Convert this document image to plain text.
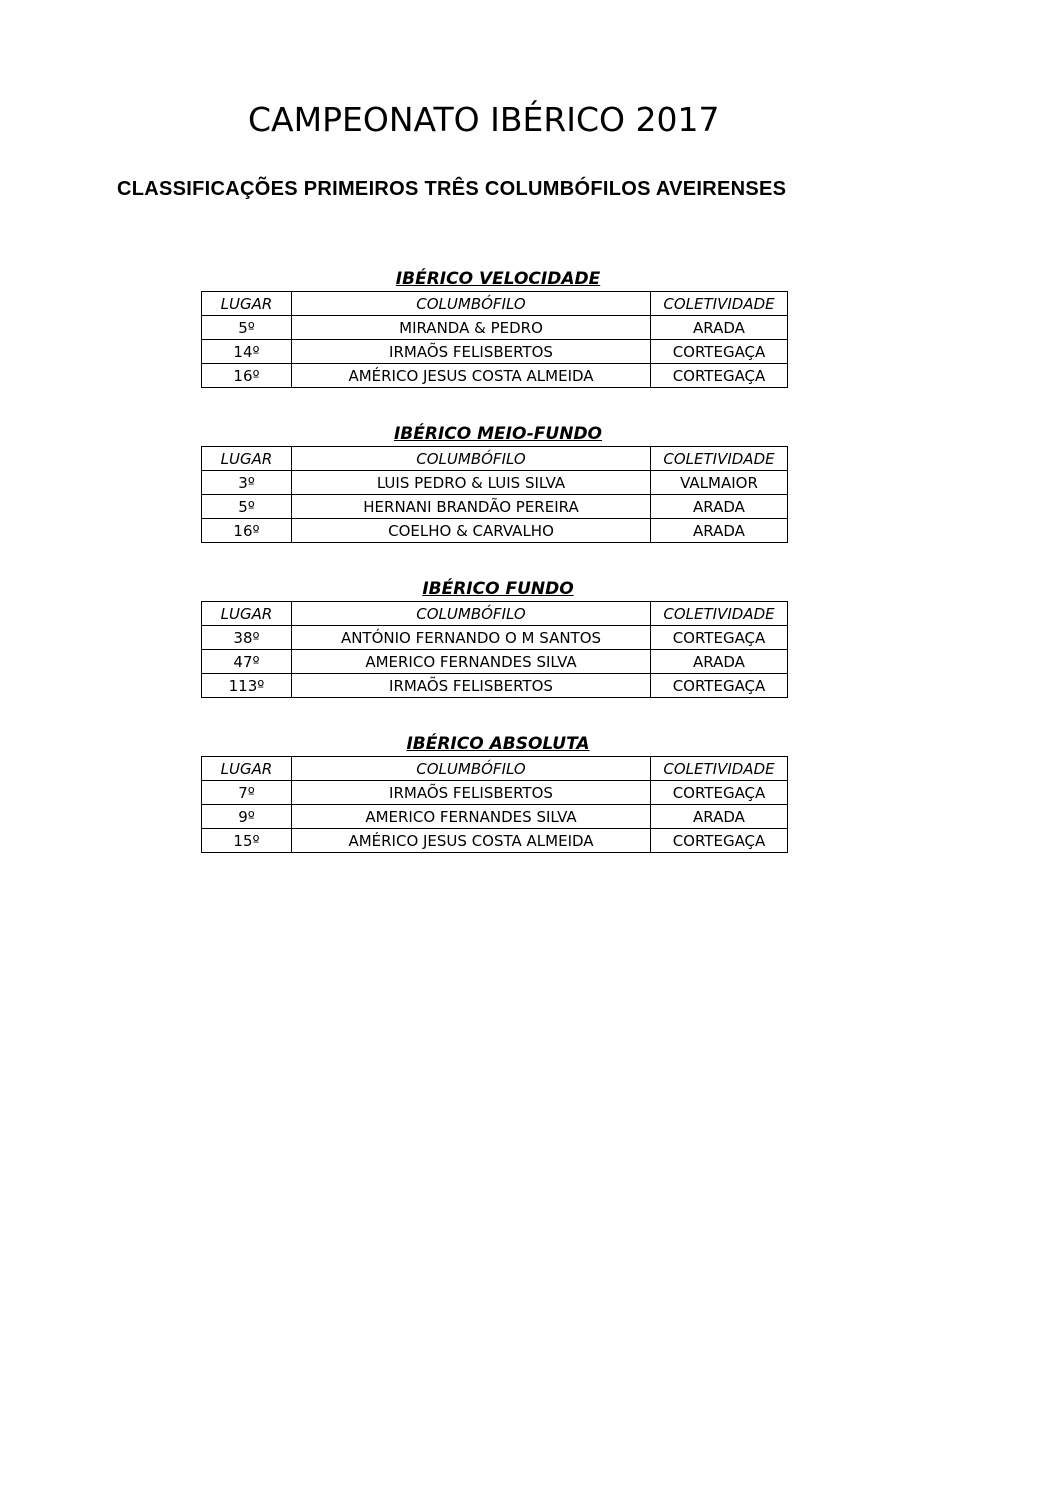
CAMPEONATO IBÉRICO 2017
CLASSIFICAÇÕES PRIMEIROS TRÊS COLUMBÓFILOS AVEIRENSES
IBÉRICO VELOCIDADE
LUGAR	COLUMBÓFILO	COLETIVIDADE
5º	MIRANDA & PEDRO	ARADA
14º	IRMAÕS FELISBERTOS	CORTEGAÇA
16º	AMÉRICO JESUS COSTA ALMEIDA	CORTEGAÇA
IBÉRICO MEIO-FUNDO
LUGAR	COLUMBÓFILO	COLETIVIDADE
3º	LUIS PEDRO & LUIS SILVA	VALMAIOR
5º	HERNANI BRANDÃO PEREIRA	ARADA
16º	COELHO & CARVALHO	ARADA
IBÉRICO FUNDO
LUGAR	COLUMBÓFILO	COLETIVIDADE
38º	ANTÓNIO FERNANDO O M SANTOS	CORTEGAÇA
47º	AMERICO FERNANDES SILVA	ARADA
113º	IRMAÕS FELISBERTOS	CORTEGAÇA
IBÉRICO ABSOLUTA
LUGAR	COLUMBÓFILO	COLETIVIDADE
7º	IRMAÕS FELISBERTOS	CORTEGAÇA
9º	AMERICO FERNANDES SILVA	ARADA
15º	AMÉRICO JESUS COSTA ALMEIDA	CORTEGAÇA
